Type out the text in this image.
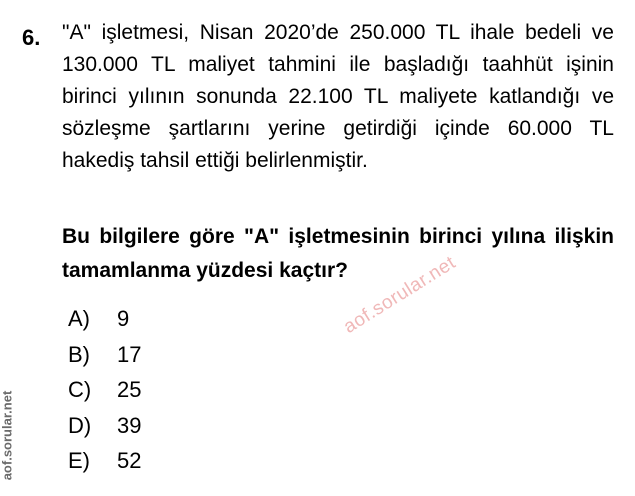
6. "A" işletmesi, Nisan 2020’de 250.000 TL ihale bedeli ve 130.000 TL maliyet tahmini ile başladığı taahhüt işinin birinci yılının sonunda 22.100 TL maliyete katlandığı ve sözleşme şartlarını yerine getirdiği içinde 60.000 TL hakediş tahsil ettiği belirlenmiştir.

Bu bilgilere göre "A" işletmesinin birinci yılına ilişkin tamamlanma yüzdesi kaçtır?

A)	9
B)	17
C)	25
D)	39
E)	52
aof.sorular.net
aof.sorular.net
